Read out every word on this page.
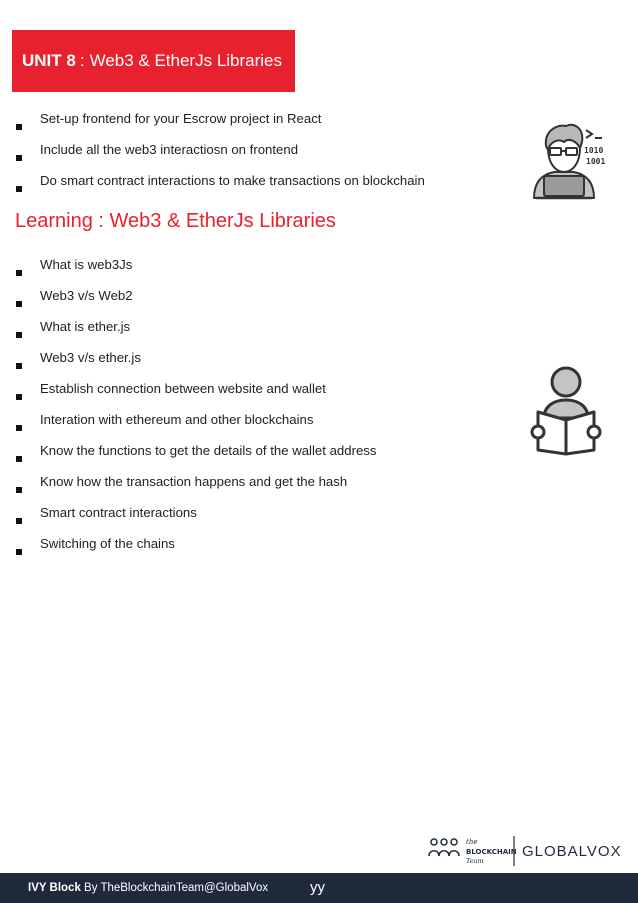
UNIT 8 : Web3 & EtherJs Libraries
Set-up frontend for your Escrow project in React
Include all the web3 interactiosn on frontend
Do smart contract interactions to make transactions on blockchain
1010
1001
Learning : Web3 & EtherJs Libraries
What is web3Js
Web3 v/s Web2
What is ether.js
Web3 v/s ether.js
Establish connection between website and wallet
Interation with ethereum and other blockchains
Know the functions to get the details of the wallet address
Know how the transaction happens and get the hash
Smart contract interactions
Switching of the chains
the
BLOCKCHAIN
Team
GLOBALVOX
IVY Block By TheBlockchainTeam@GlobalVox	yy
